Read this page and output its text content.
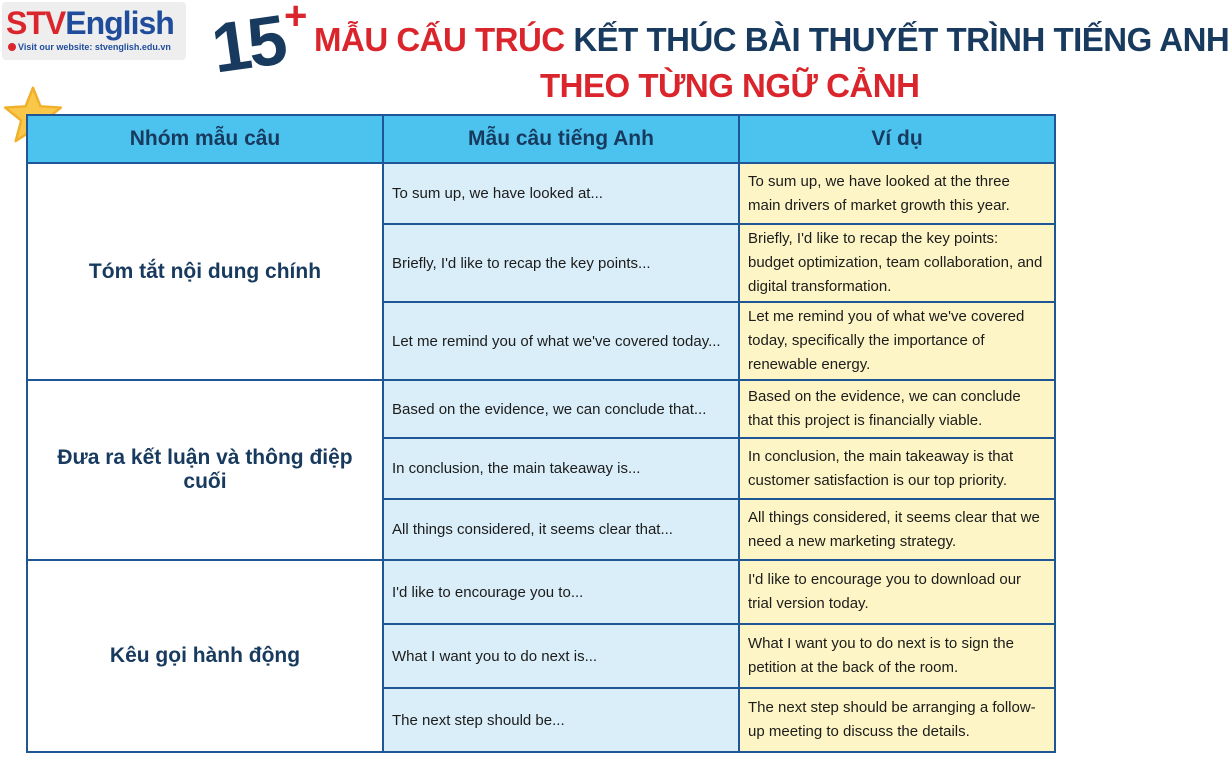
STVEnglish
Visit our website: stvenglish.edu.vn 15
+
MẪU CẤU TRÚC KẾT THÚC BÀI THUYẾT TRÌNH TIẾNG ANH
THEO TỪNG NGỮ CẢNH
Nhóm mẫu câu	Mẫu câu tiếng Anh	Ví dụ
Tóm tắt nội dung chính	To sum up, we have looked at...	To sum up, we have looked at the three main drivers of market growth this year.
	Briefly, I'd like to recap the key points...	Briefly, I'd like to recap the key points: budget optimization, team collaboration, and digital transformation.
	Let me remind you of what we've covered today...	Let me remind you of what we've covered today, specifically the importance of renewable energy.
Đưa ra kết luận và thông điệp cuối	Based on the evidence, we can conclude that...	Based on the evidence, we can conclude that this project is financially viable.
	In conclusion, the main takeaway is...	In conclusion, the main takeaway is that customer satisfaction is our top priority.
	All things considered, it seems clear that...	All things considered, it seems clear that we need a new marketing strategy.
Kêu gọi hành động	I'd like to encourage you to...	I'd like to encourage you to download our trial version today.
	What I want you to do next is...	What I want you to do next is to sign the petition at the back of the room.
	The next step should be...	The next step should be arranging a follow-up meeting to discuss the details.
